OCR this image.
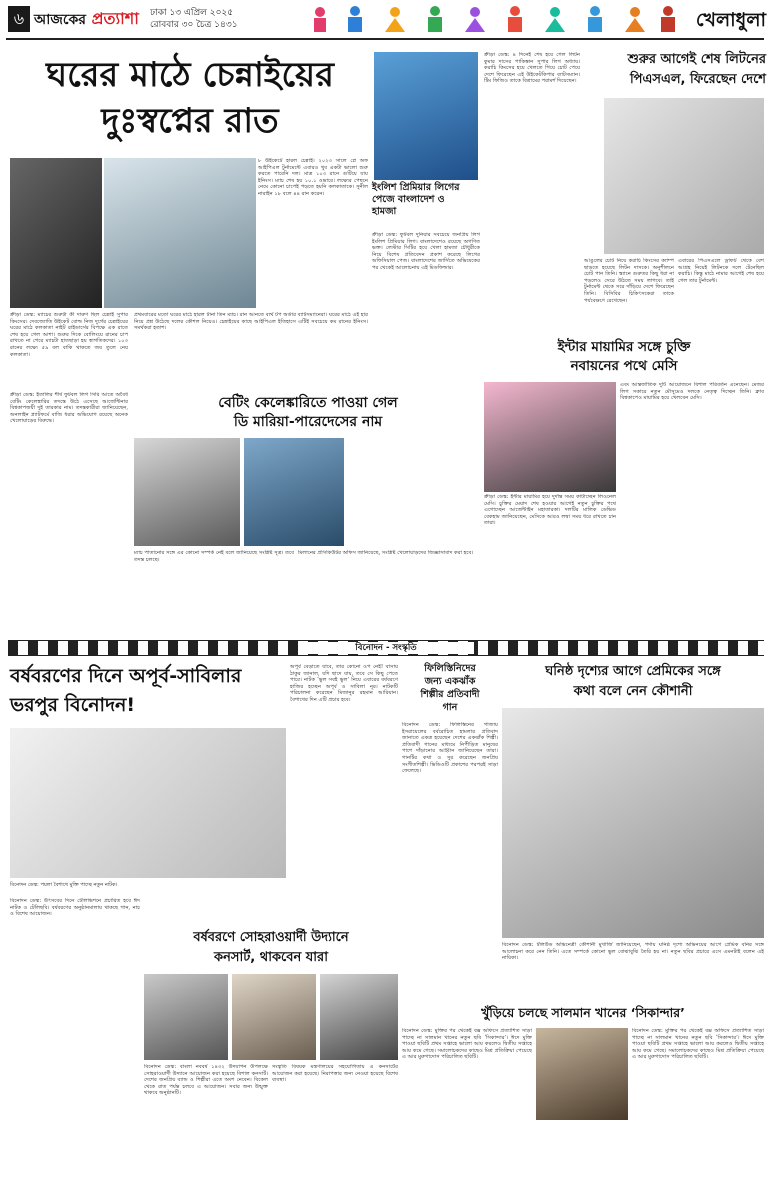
৬ আজকের প্রত্যাশা	ঢাকা ১৩ এপ্রিল ২০২৫
রোববার ৩০ চৈত্র ১৪৩১	খেলাধুলা
ঘরের মাঠে চেন্নাইয়ের
দুঃস্বপ্নের রাত
ক্রীড়া ডেস্ক: ম্যাচের শুরুটা কী দারুণ ছিল চেন্নাই সুপার কিংসের। দেবজ্যোতি উইকেট বোল্ড নিজ দুর্গের চেন্নাইয়ের ঘরের মাঠে কলকাতা নাইট রাইডার্সের বিপক্ষে এক রাতে শেষ হয়ে গেল আশা। শুরুর দিকে বোলিংয়ে রানের চাপ রাখতে না পেরে ম্যাচটা হাতছাড়া হয় স্বাগতিকদের। ১০৩ রানের লক্ষ্যে ৫৯ বল বাকি থাকতে জয় তুলে নেয় কলকাতা।
৮ উইকেটে হারল চেন্নাই। ২০২৩ সালে প্লে অফ আইপিএল টুর্নামেন্টে এবারও খুব একটা ভালো শুরু করতে পারেনি দল। মাত্র ১০৩ রানে গুটিয়ে যায় ইনিংস। ম্যাচ শেষ হয় ১০.১ ওভারে। লক্ষ্যের পেছনে নেমে কোনো চাপেই পড়তে হয়নি কলকাতাকে। সুনীল নারাইন ১৮ বলে ৪৪ রান করেন।
প্রথমবারের মতো ঘরের মাঠে হারল টানা তিন ম্যাচ। রান আনতে ব্যর্থ টপ অর্ডার ব্যাটসম্যানেরা। ঘরের মাঠে এই হার নিয়ে প্রশ্ন উঠেছে দলের কৌশল নিয়েও। চেন্নাইয়ের কাছে আইপিএল ইতিহাসে এটিই সবচেয়ে কম রানের ইনিংস। সমর্থকরা হতাশ।
ইংলিশ প্রিমিয়ার লিগের
পেজে বাংলাদেশ ও
হামজা
ক্রীড়া ডেস্ক: ফুটবল দুনিয়ার সবচেয়ে জনপ্রিয় লিগ ইংলিশ প্রিমিয়ার লিগ। বাংলাদেশেও রয়েছে অগণিত ভক্ত। লেস্টার সিটির হয়ে খেলা হামজা চৌধুরীকে নিয়ে বিশেষ প্রতিবেদন প্রকাশ করেছে লিগের অফিসিয়াল পেজ। বাংলাদেশের জার্সিতে অভিষেকের পর থেকেই আলোচনায় এই মিডফিল্ডার।
ক্রীড়া ডেস্ক: ৪ দিনেই শেষ হয়ে গেল লিটন কুমার দাসের পাকিস্তান সুপার লিগ অধ্যায়। করাচি কিংসের হয়ে খেলতে গিয়ে চোট পেয়ে দেশে ফিরেছেন এই উইকেটকিপার ব্যাটসম্যান। টিম ফিজিও তাকে বিশ্রামের পরামর্শ দিয়েছেন।
শুরুর আগেই শেষ লিটনের
পিএসএল, ফিরেছেন দেশে
আঙুলের চোট নিয়ে করাচি কিংসের ক্যাম্প ছাড়তে হয়েছে লিটন দাসকে। অনুশীলনে চোট পান তিনি। স্ক্যানে গুরুতর কিছু ধরা না পড়লেও সেরে উঠতে সময় লাগবে। তাই টুর্নামেন্ট থেকে সরে দাঁড়িয়ে দেশে ফিরেছেন তিনি। বিসিবির চিকিৎসকেরা তাকে পর্যবেক্ষণে রেখেছেন।
এবারের পিএসএলে ড্রাফট থেকে বেশ আগ্রহ নিয়েই লিটনকে দলে টেনেছিল করাচি। কিন্তু মাঠে নামার আগেই শেষ হয়ে গেল তার টুর্নামেন্ট।
ইন্টার মায়ামির সঙ্গে চুক্তি
নবায়নের পথে মেসি
ক্রীড়া ডেস্ক: ইন্টার মায়ামির হয়ে দুর্দান্ত সময় কাটাচ্ছেন লিওনেল মেসি। চুক্তির মেয়াদ শেষ হওয়ার আগেই নতুন চুক্তির পথে এগোচ্ছেন আর্জেন্টাইন মহাতারকা। দলটির মালিক ডেভিড বেকহাম জানিয়েছেন, মেসিকে আরও লম্বা সময় ধরে রাখতে চান তারা।
এবং আন্তর্জাতিক দুটি আয়োজনে বিশাল পরিবর্তন এনেছেন। মেজর লিগ সকারে নতুন মৌসুমেও দলকে নেতৃত্ব দিচ্ছেন তিনি। ক্লাব বিশ্বকাপেও মায়ামির হয়ে খেলবেন মেসি।
ক্রীড়া ডেস্ক: ইতালির শীর্ষ ফুটবল লিগ সিরি আতে অবৈধ বেটিং কেলেঙ্কারির তদন্তে উঠে এসেছে আর্জেন্টিনার বিশ্বকাপজয়ী দুই তারকার নাম। তদন্তকারীরা জানিয়েছেন, অনলাইন প্ল্যাটফর্মে বাজি ধরার অভিযোগ রয়েছে অনেক খেলোয়াড়ের বিরুদ্ধে।
বেটিং কেলেঙ্কারিতে পাওয়া গেল
ডি মারিয়া-পারেদেসের নাম
ম্যাচ পাতানোর সঙ্গে এর কোনো সম্পর্ক নেই বলে জানিয়েছে সংশ্লিষ্ট সূত্র। তবে তদন্ত চলছে।
মিলানের প্রসিকিউটর অফিস জানিয়েছে, সংশ্লিষ্ট খেলোয়াড়দের জিজ্ঞাসাবাদ করা হবে।
বিনোদন - সংস্কৃতি
বর্ষবরণের দিনে অপূর্ব-সাবিলার
ভরপুর বিনোদন!
অপূর্ব বেড়াতে যাবে, তার কোনো ওপ নেই! বাসায় ঠাকুর জানাল, যদি ছাদে যায়, তবে সে কিছু পেতে পারে। নাটক ‘ভুল সবই ভুল’ নিয়ে এবারের বর্ষবরণে হাজির হচ্ছেন অপূর্ব ও সাবিলা নূর। নাটকটি পরিচালনা করেছেন মিজানুর রহমান আরিয়ান। বৈশাখের দিন এটি প্রচার হবে।
বিনোদন ডেস্ক: পয়লা বৈশাখে মুক্তি পাচ্ছে নতুন নাটক।
বিনোদন ডেস্ক: উৎসবের দিনে টেলিভিশনে প্রচারিত হবে ঈদ নাটক ও টেলিছবি। বর্ষবরণের অনুষ্ঠানমালায় থাকছে গান, নাচ ও বিশেষ আয়োজন।
ফিলিস্তিনিদের
জন্য একঝাঁক
শিল্পীর প্রতিবাদী
গান
বিনোদন ডেস্ক: ফিলিস্তিনের গাজায় ইসরায়েলের বর্বরোচিত হামলার প্রতিবাদ জানাতে একত্র হয়েছেন দেশের একঝাঁক শিল্পী। প্রতিবাদী গানের মাধ্যমে নিপীড়িত মানুষের পাশে দাঁড়ানোর আহ্বান জানিয়েছেন তারা। গানটির কথা ও সুর করেছেন জনপ্রিয় সংগীতশিল্পী। ভিডিওটি প্রকাশের পরপরই সাড়া ফেলেছে।
ঘনিষ্ঠ দৃশ্যের আগে প্রেমিকের সঙ্গে
কথা বলে নেন কৌশানী
বিনোদন ডেস্ক: টলিউড অভিনেত্রী কৌশানী মুখার্জি জানিয়েছেন, পর্দায় ঘনিষ্ঠ দৃশ্যে অভিনয়ের আগে প্রেমিক বনির সঙ্গে আলোচনা করে নেন তিনি। এতে সম্পর্কে কোনো ভুল বোঝাবুঝি তৈরি হয় না। নতুন ছবির প্রচারে এসে এমনটাই বলেন এই নায়িকা।
বর্ষবরণে সোহরাওয়ার্দী উদ্যানে
কনসার্ট, থাকবেন যারা
বিনোদন ডেস্ক: বাংলা নববর্ষ ১৪৩২ উদযাপন উপলক্ষে সোহরাওয়ার্দী উদ্যানে আয়োজন করা হয়েছে বিশাল কনসার্ট। দেশের জনপ্রিয় ব্যান্ড ও শিল্পীরা এতে অংশ নেবেন। বিকেল থেকে রাত পর্যন্ত চলবে এ আয়োজন। সবার জন্য উন্মুক্ত থাকবে অনুষ্ঠানটি।
সংস্কৃতি বিষয়ক মন্ত্রণালয়ের সহযোগিতায় এ কনসার্টের আয়োজন করা হয়েছে। নিরাপত্তার জন্য নেওয়া হয়েছে বিশেষ ব্যবস্থা।
খুঁড়িয়ে চলছে সালমান খানের ‘সিকান্দার’
বিনোদন ডেস্ক: মুক্তির পর থেকেই বক্স অফিসে প্রত্যাশিত সাড়া পাচ্ছে না সালমান খানের নতুন ছবি ‘সিকান্দার’। ঈদে মুক্তি পাওয়া ছবিটি প্রথম সপ্তাহে ভালো আয় করলেও দ্বিতীয় সপ্তাহে আয় কমে গেছে। সমালোচকদের কাছেও মিশ্র প্রতিক্রিয়া পেয়েছে এ আর মুরুগাদোস পরিচালিত ছবিটি।
বিনোদন ডেস্ক: মুক্তির পর থেকেই বক্স অফিসে প্রত্যাশিত সাড়া পাচ্ছে না সালমান খানের নতুন ছবি ‘সিকান্দার’। ঈদে মুক্তি পাওয়া ছবিটি প্রথম সপ্তাহে ভালো আয় করলেও দ্বিতীয় সপ্তাহে আয় কমে গেছে। সমালোচকদের কাছেও মিশ্র প্রতিক্রিয়া পেয়েছে এ আর মুরুগাদোস পরিচালিত ছবিটি।
